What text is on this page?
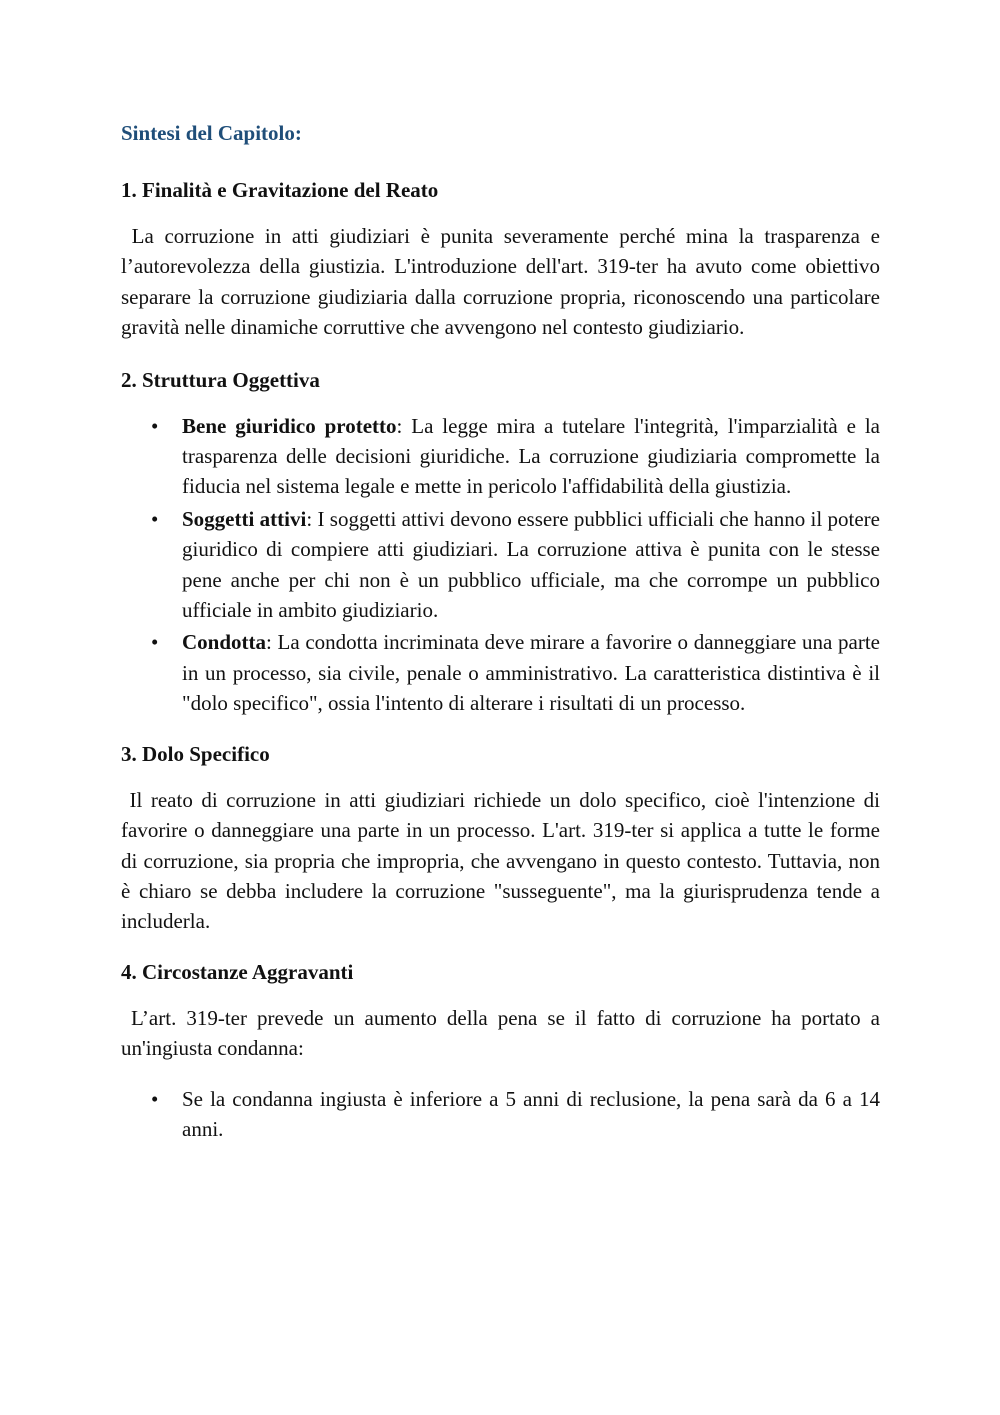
Sintesi del Capitolo:
1. Finalità e Gravitazione del Reato

La corruzione in atti giudiziari è punita severamente perché mina la trasparenza e l’autorevolezza della giustizia. L'introduzione dell'art. 319-ter ha avuto come obiettivo separare la corruzione giudiziaria dalla corruzione propria, riconoscendo una particolare gravità nelle dinamiche corruttive che avvengono nel contesto giudiziario.

2. Struttura Oggettiva
• Bene giuridico protetto: La legge mira a tutelare l'integrità, l'imparzialità e la trasparenza delle decisioni giuridiche. La corruzione giudiziaria compromette la fiducia nel sistema legale e mette in pericolo l'affidabilità della giustizia.
• Soggetti attivi: I soggetti attivi devono essere pubblici ufficiali che hanno il potere giuridico di compiere atti giudiziari. La corruzione attiva è punita con le stesse pene anche per chi non è un pubblico ufficiale, ma che corrompe un pubblico ufficiale in ambito giudiziario.
• Condotta: La condotta incriminata deve mirare a favorire o danneggiare una parte in un processo, sia civile, penale o amministrativo. La caratteristica distintiva è il "dolo specifico", ossia l'intento di alterare i risultati di un processo.
3. Dolo Specifico

Il reato di corruzione in atti giudiziari richiede un dolo specifico, cioè l'intenzione di favorire o danneggiare una parte in un processo. L'art. 319-ter si applica a tutte le forme di corruzione, sia propria che impropria, che avvengano in questo contesto. Tuttavia, non è chiaro se debba includere la corruzione "susseguente", ma la giurisprudenza tende a includerla.

4. Circostanze Aggravanti

L’art. 319-ter prevede un aumento della pena se il fatto di corruzione ha portato a un'ingiusta condanna:

• Se la condanna ingiusta è inferiore a 5 anni di reclusione, la pena sarà da 6 a 14 anni.
